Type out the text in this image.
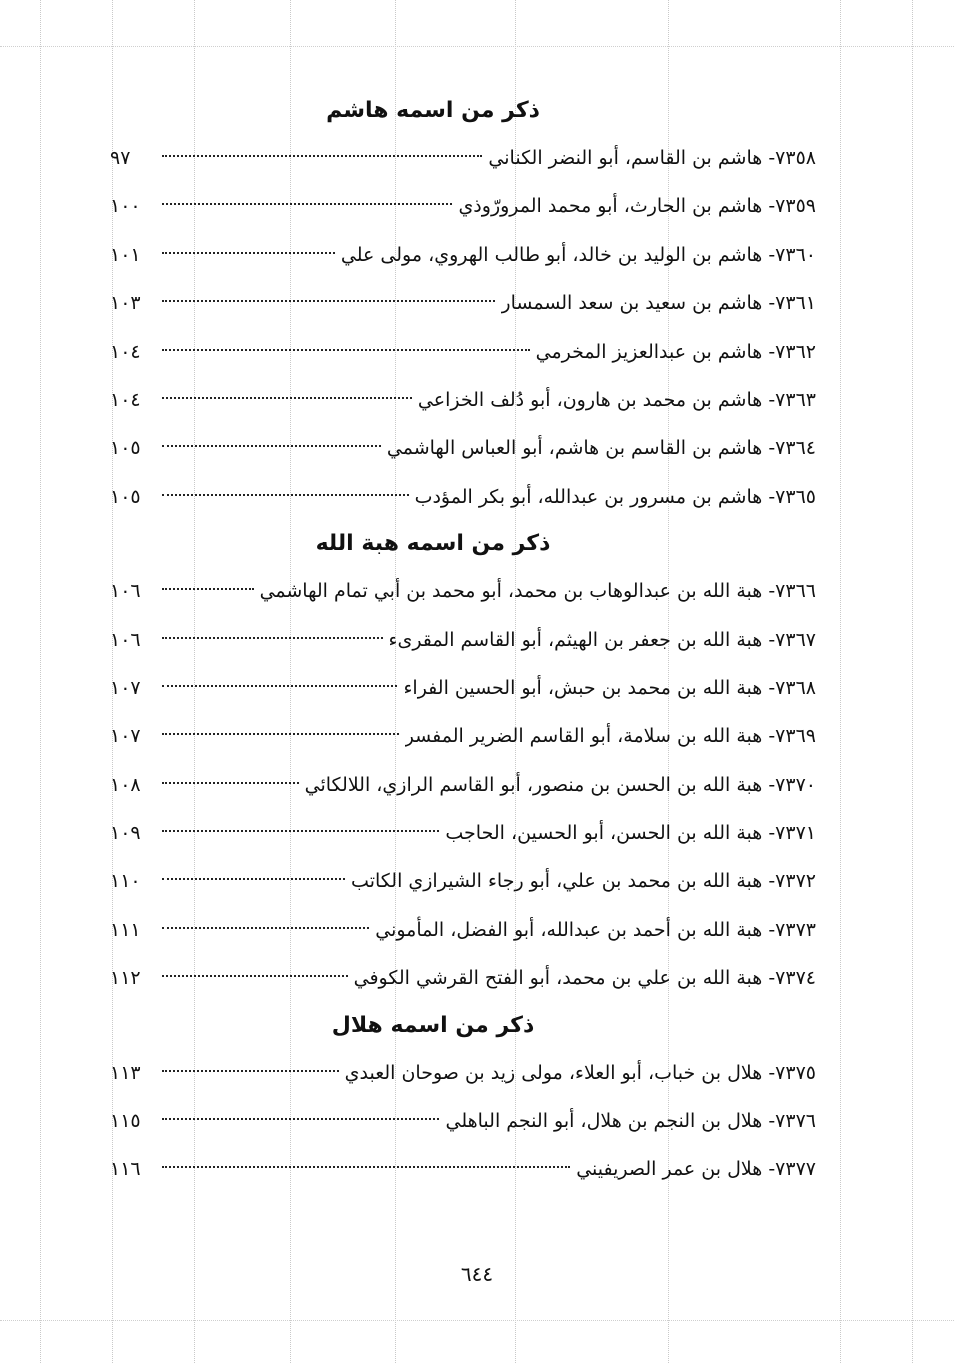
ذكر من اسمه هاشم
٧٣٥٨-

هاشم بن القاسم، أبو النضر الكناني
٩٧
٧٣٥٩-

هاشم بن الحارث، أبو محمد المرورّوذي
١٠٠
٧٣٦٠-

هاشم بن الوليد بن خالد، أبو طالب الهروي، مولى علي
١٠١
٧٣٦١-

هاشم بن سعيد بن سعد السمسار
١٠٣
٧٣٦٢-

هاشم بن عبدالعزيز المخرمي
١٠٤
٧٣٦٣-

هاشم بن محمد بن هارون، أبو دُلف الخزاعي
١٠٤
٧٣٦٤-

هاشم بن القاسم بن هاشم، أبو العباس الهاشمي
١٠٥
٧٣٦٥-

هاشم بن مسرور بن عبدالله، أبو بكر المؤدب
١٠٥
ذكر من اسمه هبة الله
٧٣٦٦-

هبة الله بن عبدالوهاب بن محمد، أبو محمد بن أبي تمام الهاشمي
١٠٦
٧٣٦٧-

هبة الله بن جعفر بن الهيثم، أبو القاسم المقرىء
١٠٦
٧٣٦٨-

هبة الله بن محمد بن حبش، أبو الحسين الفراء
١٠٧
٧٣٦٩-

هبة الله بن سلامة، أبو القاسم الضرير المفسر
١٠٧
٧٣٧٠-

هبة الله بن الحسن بن منصور، أبو القاسم الرازي، اللالكائي
١٠٨
٧٣٧١-

هبة الله بن الحسن، أبو الحسين، الحاجب
١٠٩
٧٣٧٢-

هبة الله بن محمد بن علي، أبو رجاء الشيرازي الكاتب
١١٠
٧٣٧٣-

هبة الله بن أحمد بن عبدالله، أبو الفضل، المأموني
١١١
٧٣٧٤-

هبة الله بن علي بن محمد، أبو الفتح القرشي الكوفي
١١٢
ذكر من اسمه هلال
٧٣٧٥-

هلال بن خباب، أبو العلاء، مولى زيد بن صوحان العبدي
١١٣
٧٣٧٦-

هلال بن النجم بن هلال، أبو النجم الباهلي
١١٥
٧٣٧٧-

هلال بن عمر الصريفيني
١١٦
٦٤٤
